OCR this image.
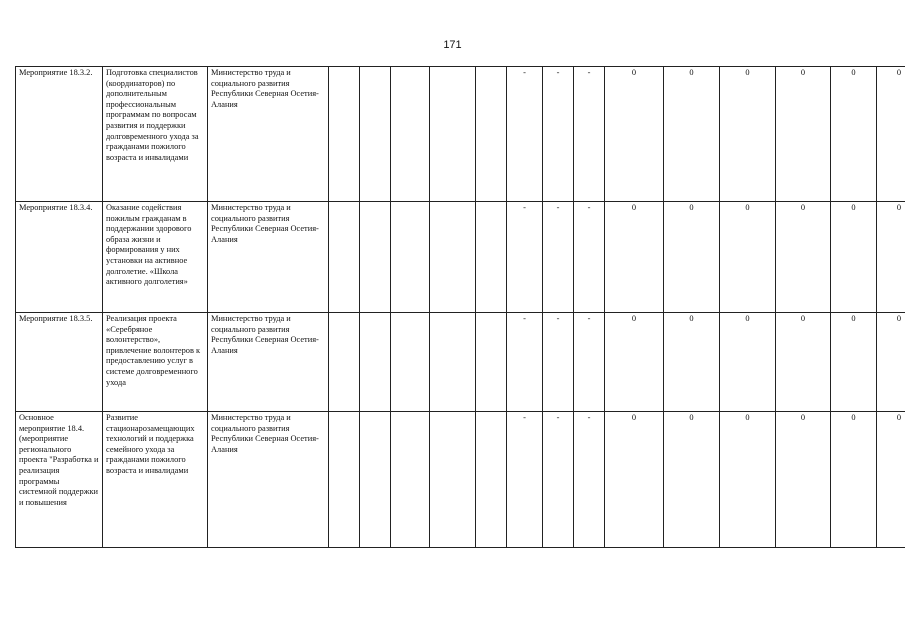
171
Мероприятие 18.3.2.	Подготовка специалистов (координаторов) по дополнительным профессиональным программам по вопросам развития и поддержки долговременного ухода за гражданами пожилого возраста и инвалидами	Министерство труда и социального развития Республики Северная Осетия-Алания						-	-	-	0	0	0	0	0	0
Мероприятие 18.3.4.	Оказание содействия пожилым гражданам в поддержании здорового образа жизни и формирования у них установки на активное долголетие. «Школа активного долголетия»	Министерство труда и социального развития Республики Северная Осетия-Алания						-	-	-	0	0	0	0	0	0
Мероприятие 18.3.5.	Реализация проекта «Серебряное волонтерство», привлечение волонтеров к предоставлению услуг в системе долговременного ухода	Министерство труда и социального развития Республики Северная Осетия-Алания						-	-	-	0	0	0	0	0	0
Основное мероприятие 18.4. (мероприятие регионального проекта "Разработка и реализация программы системной поддержки и повышения	Развитие стационарозамещающих технологий и поддержка семейного ухода за гражданами пожилого возраста и инвалидами	Министерство труда и социального развития Республики Северная Осетия-Алания						-	-	-	0	0	0	0	0	0
